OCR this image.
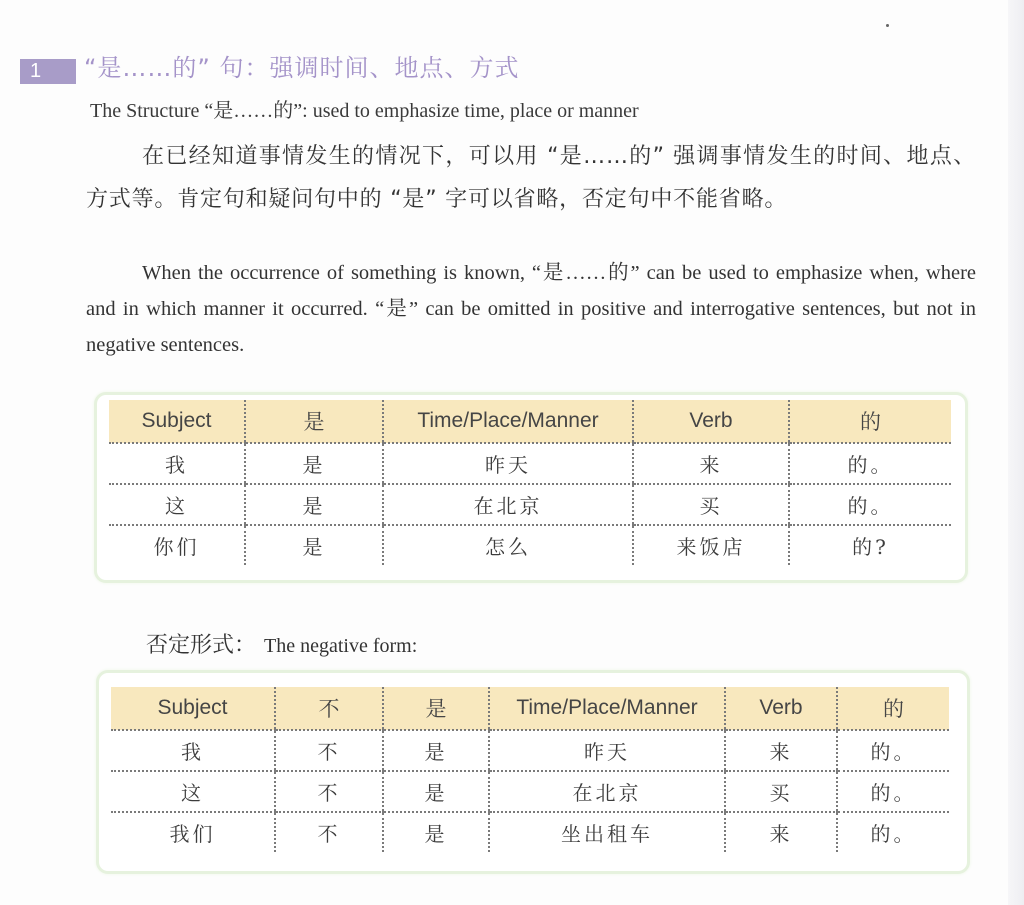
1	“是……的” 句：强调时间、地点、方式
The Structure “是……的”: used to emphasize time, place or manner
在已经知道事情发生的情况下，可以用 “是……的” 强调事情发生的时间、地点、方式等。肯定句和疑问句中的 “是” 字可以省略，否定句中不能省略。
When the occurrence of something is known, “是……的” can be used to emphasize when, where and in which manner it occurred. “是” can be omitted in positive and interrogative sentences, but not in negative sentences.
Subject	是	Time/Place/Manner	Verb	的
我	是	昨天	来	的。
这	是	在北京	买	的。
你们	是	怎么	来饭店	的?
否定形式： The negative form:
Subject	不	是	Time/Place/Manner	Verb	的
我	不	是	昨天	来	的。
这	不	是	在北京	买	的。
我们	不	是	坐出租车	来	的。
